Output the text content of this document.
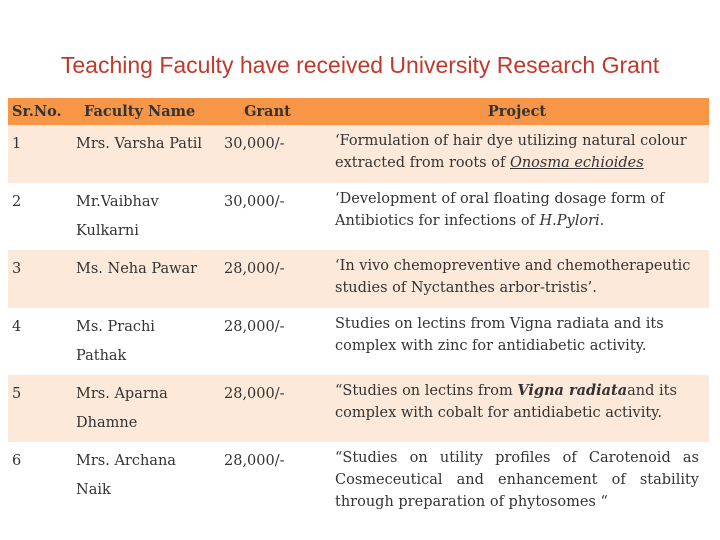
Teaching Faculty have received University Research Grant
Sr.No.	Faculty Name	Grant	Project
1	Mrs. Varsha Patil	30,000/-	‘Formulation of hair dye utilizing natural colour extracted from roots of Onosma echioides
2	Mr.Vaibhav Kulkarni	30,000/-	‘Development of oral floating dosage form of Antibiotics for infections of H.Pylori.
3	Ms. Neha Pawar	28,000/-	‘In vivo chemopreventive and chemotherapeutic studies of Nyctanthes arbor-tristis’.
4	Ms. Prachi Pathak	28,000/-	Studies on lectins from Vigna radiata and its complex with zinc for antidiabetic activity.
5	Mrs. Aparna Dhamne	28,000/-	“Studies on lectins from Vigna radiataand its complex with cobalt for antidiabetic activity.
6	Mrs. Archana Naik	28,000/-	“Studies on utility profiles of Carotenoid as Cosmeceutical and enhancement of stability through preparation of phytosomes “
